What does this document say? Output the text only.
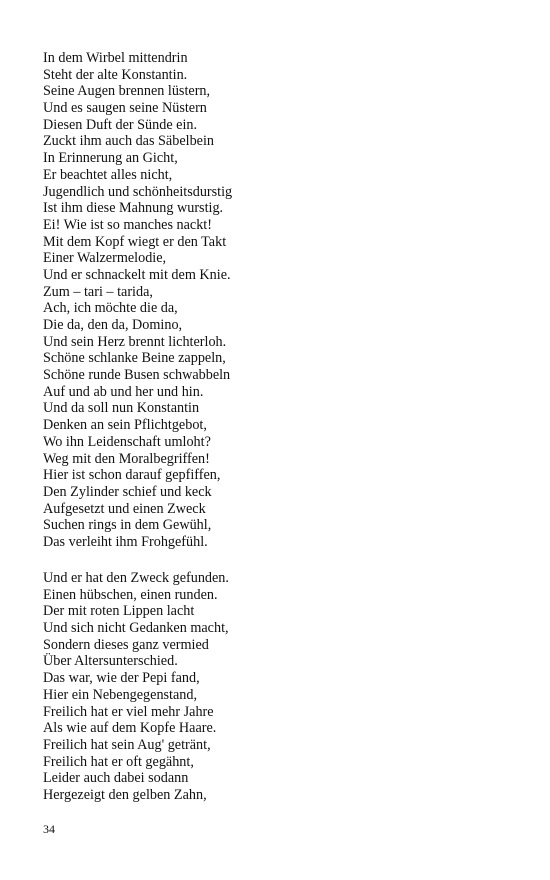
In dem Wirbel mittendrin
Steht der alte Konstantin.
Seine Augen brennen lüstern,
Und es saugen seine Nüstern
Diesen Duft der Sünde ein.
Zuckt ihm auch das Säbelbein
In Erinnerung an Gicht,
Er beachtet alles nicht,
Jugendlich und schönheitsdurstig
Ist ihm diese Mahnung wurstig.
Ei! Wie ist so manches nackt!
Mit dem Kopf wiegt er den Takt
Einer Walzermelodie,
Und er schnackelt mit dem Knie.
Zum – tari – tarida,
Ach, ich möchte die da,
Die da, den da, Domino,
Und sein Herz brennt lichterloh.
Schöne schlanke Beine zappeln,
Schöne runde Busen schwabbeln
Auf und ab und her und hin.
Und da soll nun Konstantin
Denken an sein Pflichtgebot,
Wo ihn Leidenschaft umloht?
Weg mit den Moralbegriffen!
Hier ist schon darauf gepfiffen,
Den Zylinder schief und keck
Aufgesetzt und einen Zweck
Suchen rings in dem Gewühl,
Das verleiht ihm Frohgefühl.
Und er hat den Zweck gefunden.
Einen hübschen, einen runden.
Der mit roten Lippen lacht
Und sich nicht Gedanken macht,
Sondern dieses ganz vermied
Über Altersunterschied.
Das war, wie der Pepi fand,
Hier ein Nebengegenstand,
Freilich hat er viel mehr Jahre
Als wie auf dem Kopfe Haare.
Freilich hat sein Aug' getränt,
Freilich hat er oft gegähnt,
Leider auch dabei sodann
Hergezeigt den gelben Zahn,
34
